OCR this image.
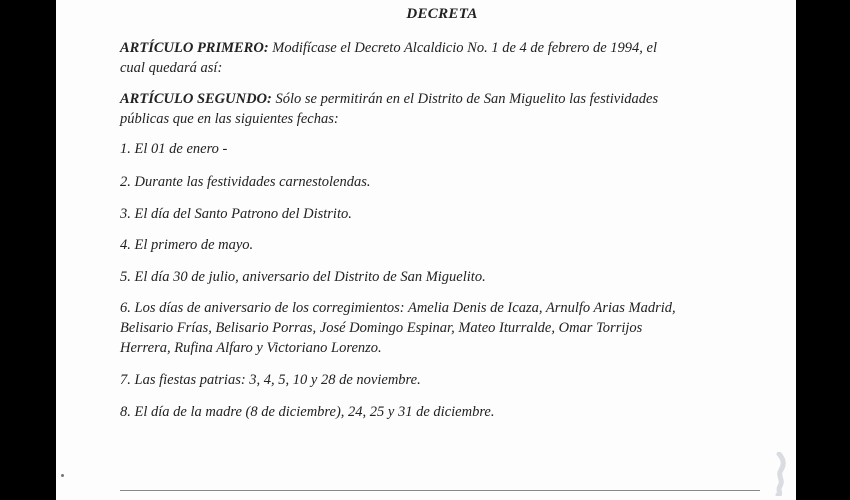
DECRETA

ARTÍCULO PRIMERO: Modifícase el Decreto Alcaldicio No. 1 de 4 de febrero de 1994, el
cual quedará así:

ARTÍCULO SEGUNDO: Sólo se permitirán en el Distrito de San Miguelito las festividades
públicas que en las siguientes fechas:

1. El 01 de enero -

2. Durante las festividades carnestolendas.

3. El día del Santo Patrono del Distrito.

4. El primero de mayo.

5. El día 30 de julio, aniversario del Distrito de San Miguelito.

6. Los días de aniversario de los corregimientos: Amelia Denis de Icaza, Arnulfo Arias Madrid,
Belisario Frías, Belisario Porras, José Domingo Espinar, Mateo Iturralde, Omar Torrijos
Herrera, Rufina Alfaro y Victoriano Lorenzo.

7. Las fiestas patrias: 3, 4, 5, 10 y 28 de noviembre.

8. El día de la madre (8 de diciembre), 24, 25 y 31 de diciembre.
